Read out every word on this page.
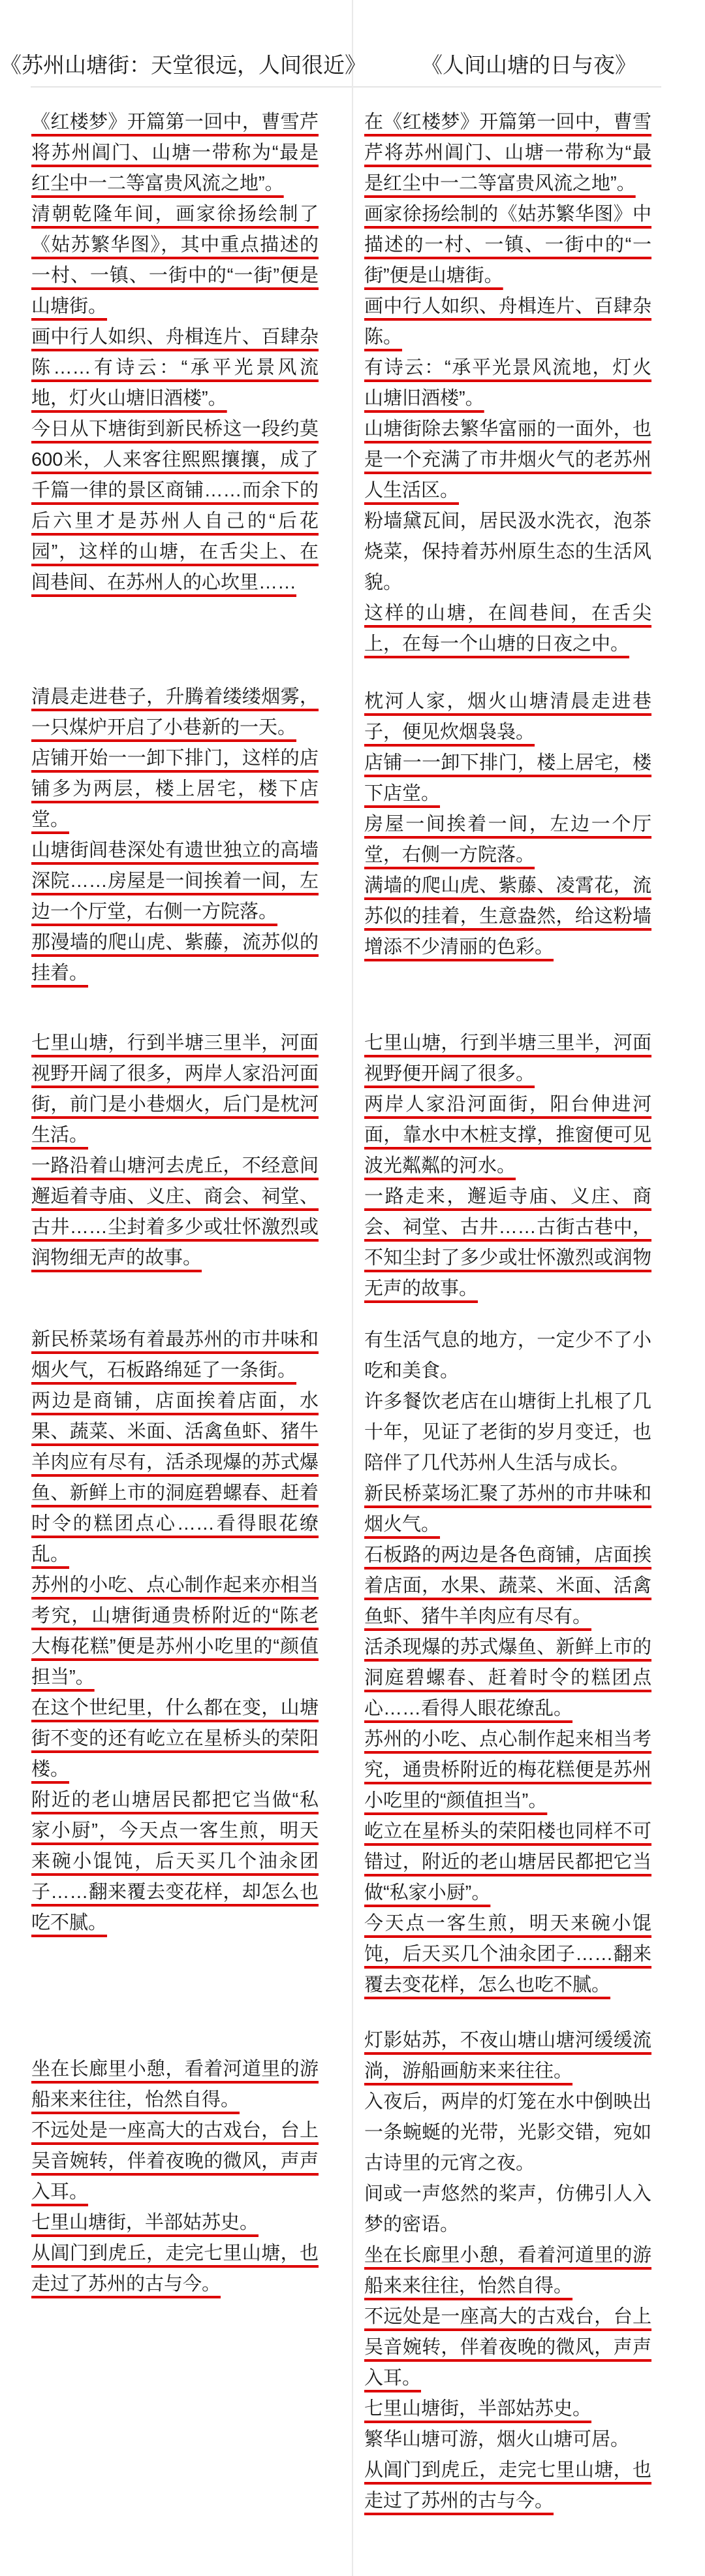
《苏州山塘街：天堂很远，人间很近》	《人间山塘的日与夜》

《红楼梦》开篇第一回中，曹雪芹将苏州阊门、山塘一带称为“最是红尘中一二等富贵风流之地”。

清朝乾隆年间，画家徐扬绘制了《姑苏繁华图》，其中重点描述的一村、一镇、一街中的“一街”便是山塘街。

画中行人如织、舟楫连片、百肆杂陈……有诗云：“承平光景风流地，灯火山塘旧酒楼”。

今日从下塘街到新民桥这一段约莫600米，人来客往熙熙攘攘，成了千篇一律的景区商铺……而余下的后六里才是苏州人自己的“后花园”，这样的山塘，在舌尖上、在闾巷间、在苏州人的心坎里……

清晨走进巷子，升腾着缕缕烟雾，一只煤炉开启了小巷新的一天。

店铺开始一一卸下排门，这样的店铺多为两层，楼上居宅，楼下店堂。

山塘街闾巷深处有遗世独立的高墙深院……房屋是一间挨着一间，左边一个厅堂，右侧一方院落。

那漫墙的爬山虎、紫藤，流苏似的挂着。

七里山塘，行到半塘三里半，河面视野开阔了很多，两岸人家沿河面街，前门是小巷烟火，后门是枕河生活。

一路沿着山塘河去虎丘，不经意间邂逅着寺庙、义庄、商会、祠堂、古井……尘封着多少或壮怀激烈或润物细无声的故事。

新民桥菜场有着最苏州的市井味和烟火气，石板路绵延了一条街。

两边是商铺，店面挨着店面，水果、蔬菜、米面、活禽鱼虾、猪牛羊肉应有尽有，活杀现爆的苏式爆鱼、新鲜上市的洞庭碧螺春、赶着时令的糕团点心……看得眼花缭乱。

苏州的小吃、点心制作起来亦相当考究，山塘街通贵桥附近的“陈老大梅花糕”便是苏州小吃里的“颜值担当”。

在这个世纪里，什么都在变，山塘街不变的还有屹立在星桥头的荣阳楼。

附近的老山塘居民都把它当做“私家小厨”，今天点一客生煎，明天来碗小馄饨，后天买几个油汆团子……翻来覆去变花样，却怎么也吃不腻。

坐在长廊里小憩，看着河道里的游船来来往往，怡然自得。

不远处是一座高大的古戏台，台上吴音婉转，伴着夜晚的微风，声声入耳。

七里山塘街，半部姑苏史。

从阊门到虎丘，走完七里山塘，也走过了苏州的古与今。

在《红楼梦》开篇第一回中，曹雪芹将苏州阊门、山塘一带称为“最是红尘中一二等富贵风流之地”。

画家徐扬绘制的《姑苏繁华图》中描述的一村、一镇、一街中的“一街”便是山塘街。

画中行人如织、舟楫连片、百肆杂陈。

有诗云：“承平光景风流地，灯火山塘旧酒楼”。

山塘街除去繁华富丽的一面外，也是一个充满了市井烟火气的老苏州人生活区。

粉墙黛瓦间，居民汲水洗衣，泡茶烧菜，保持着苏州原生态的生活风貌。

这样的山塘，在闾巷间，在舌尖上，在每一个山塘的日夜之中。

枕河人家，烟火山塘清晨走进巷子，便见炊烟袅袅。

店铺一一卸下排门，楼上居宅，楼下店堂。

房屋一间挨着一间，左边一个厅堂，右侧一方院落。

满墙的爬山虎、紫藤、凌霄花，流苏似的挂着，生意盎然，给这粉墙增添不少清丽的色彩。

七里山塘，行到半塘三里半，河面视野便开阔了很多。

两岸人家沿河面街，阳台伸进河面，靠水中木桩支撑，推窗便可见波光粼粼的河水。

一路走来，邂逅寺庙、义庄、商会、祠堂、古井……古街古巷中，不知尘封了多少或壮怀激烈或润物无声的故事。

有生活气息的地方，一定少不了小吃和美食。

许多餐饮老店在山塘街上扎根了几十年，见证了老街的岁月变迁，也陪伴了几代苏州人生活与成长。

新民桥菜场汇聚了苏州的市井味和烟火气。

石板路的两边是各色商铺，店面挨着店面，水果、蔬菜、米面、活禽鱼虾、猪牛羊肉应有尽有。

活杀现爆的苏式爆鱼、新鲜上市的洞庭碧螺春、赶着时令的糕团点心……看得人眼花缭乱。

苏州的小吃、点心制作起来相当考究，通贵桥附近的梅花糕便是苏州小吃里的“颜值担当”。

屹立在星桥头的荣阳楼也同样不可错过，附近的老山塘居民都把它当做“私家小厨”。

今天点一客生煎，明天来碗小馄饨，后天买几个油汆团子……翻来覆去变花样，怎么也吃不腻。

灯影姑苏，不夜山塘山塘河缓缓流淌，游船画舫来来往往。

入夜后，两岸的灯笼在水中倒映出一条蜿蜒的光带，光影交错，宛如古诗里的元宵之夜。

间或一声悠然的桨声，仿佛引人入梦的密语。

坐在长廊里小憩，看着河道里的游船来来往往，怡然自得。

不远处是一座高大的古戏台，台上吴音婉转，伴着夜晚的微风，声声入耳。

七里山塘街，半部姑苏史。

繁华山塘可游，烟火山塘可居。

从阊门到虎丘，走完七里山塘，也走过了苏州的古与今。
